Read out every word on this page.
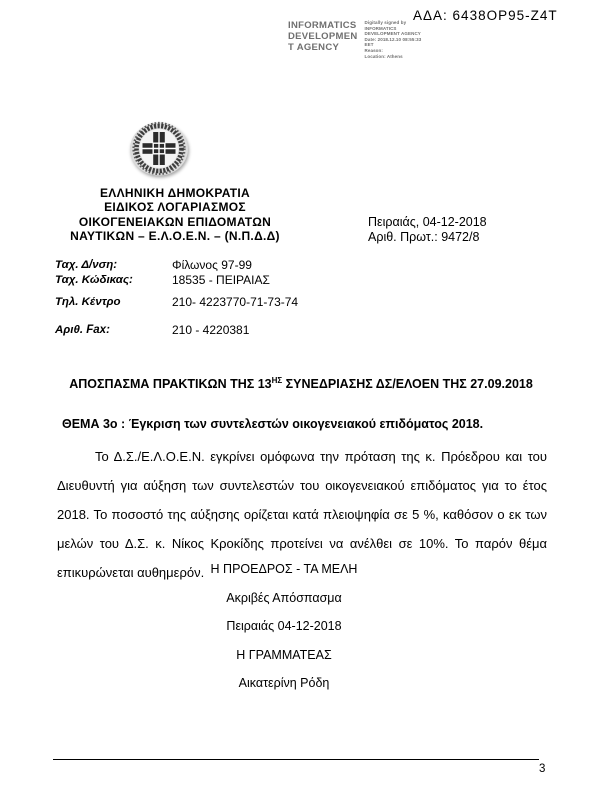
ΑΔΑ: 6438ΟΡ95-Ζ4Τ
INFORMATICS
DEVELOPMEN
T AGENCY
Digitally signed by
INFORMATICS
DEVELOPMENT AGENCY
Date: 2018.12.10 08:55:33
EET
Reason:
Location: Athens
ΕΛΛΗΝΙΚΗ ΔΗΜΟΚΡΑΤΙΑ
ΕΙΔΙΚΟΣ ΛΟΓΑΡΙΑΣΜΟΣ
ΟΙΚΟΓΕΝΕΙΑΚΩΝ ΕΠΙΔΟΜΑΤΩΝ
ΝΑΥΤΙΚΩΝ – Ε.Λ.Ο.Ε.Ν. – (Ν.Π.Δ.Δ)
Πειραιάς, 04-12-2018
Αριθ. Πρωτ.: 9472/8
Ταχ. Δ/νση:	Φίλωνος 97-99
Ταχ. Κώδικας:	18535 - ΠΕΙΡΑΙΑΣ
Τηλ. Κέντρο	210- 4223770-71-73-74
Αριθ. Fax:	210 - 4220381
ΑΠΟΣΠΑΣΜΑ ΠΡΑΚΤΙΚΩΝ ΤΗΣ $13^{H\Sigma}$ ΣΥΝΕΔΡΙΑΣΗΣ ΔΣ/ΕΛΟΕΝ ΤΗΣ 27.09.2018
ΘΕΜΑ 3ο : Έγκριση των συντελεστών οικογενειακού επιδόματος 2018.
Το Δ.Σ./Ε.Λ.Ο.Ε.Ν. εγκρίνει ομόφωνα την πρόταση της κ. Πρόεδρου και του Διευθυντή για αύξηση των συντελεστών του οικογενειακού επιδόματος για το έτος 2018. Το ποσοστό της αύξησης ορίζεται κατά πλειοψηφία σε 5 %, καθόσον ο εκ των μελών του Δ.Σ. κ. Νίκος Κροκίδης προτείνει να ανέλθει σε 10%. Το παρόν θέμα επικυρώνεται αυθημερόν. Η ΠΡΟΕΔΡΟΣ - ΤΑ ΜΕΛΗ
Ακριβές Απόσπασμα
Πειραιάς 04-12-2018
Η ΓΡΑΜΜΑΤΕΑΣ
Αικατερίνη Ρόδη
3
